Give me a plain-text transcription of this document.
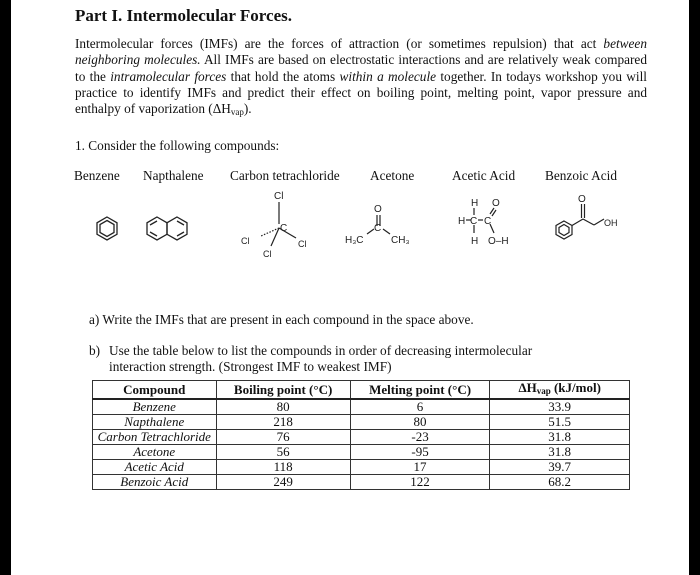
Part I. Intermolecular Forces.

Intermolecular forces (IMFs) are the forces of attraction (or sometimes repulsion) that act between neighboring molecules. All IMFs are based on electrostatic interactions and are relatively weak compared to the intramolecular forces that hold the atoms within a molecule together. In todays workshop you will practice to identify IMFs and predict their effect on boiling point, melting point, vapor pressure and enthalpy of vaporization $(\Delta H_{vap})$.

1. Consider the following compounds:

Benzene Napthalene Carbon tetrachloride Acetone	Acetic Acid Benzoic Acid
Cl
C
Cl	Cl
Cl
O
H₃C
C
CH₃
H O
H C C
H O–H
O
OH

a) Write the IMFs that are present in each compound in the space above.

b) Use the table below to list the compounds in order of decreasing intermolecular
interaction strength. (Strongest IMF to weakest IMF)
Compound	Boiling point (°C)	Melting point (°C)	ΔHvap (kJ/mol)
Benzene	80	6	33.9
Napthalene	218	80	51.5
Carbon Tetrachloride	76	-23	31.8
Acetone	56	-95	31.8
Acetic Acid	118	17	39.7
Benzoic Acid	249	122	68.2
